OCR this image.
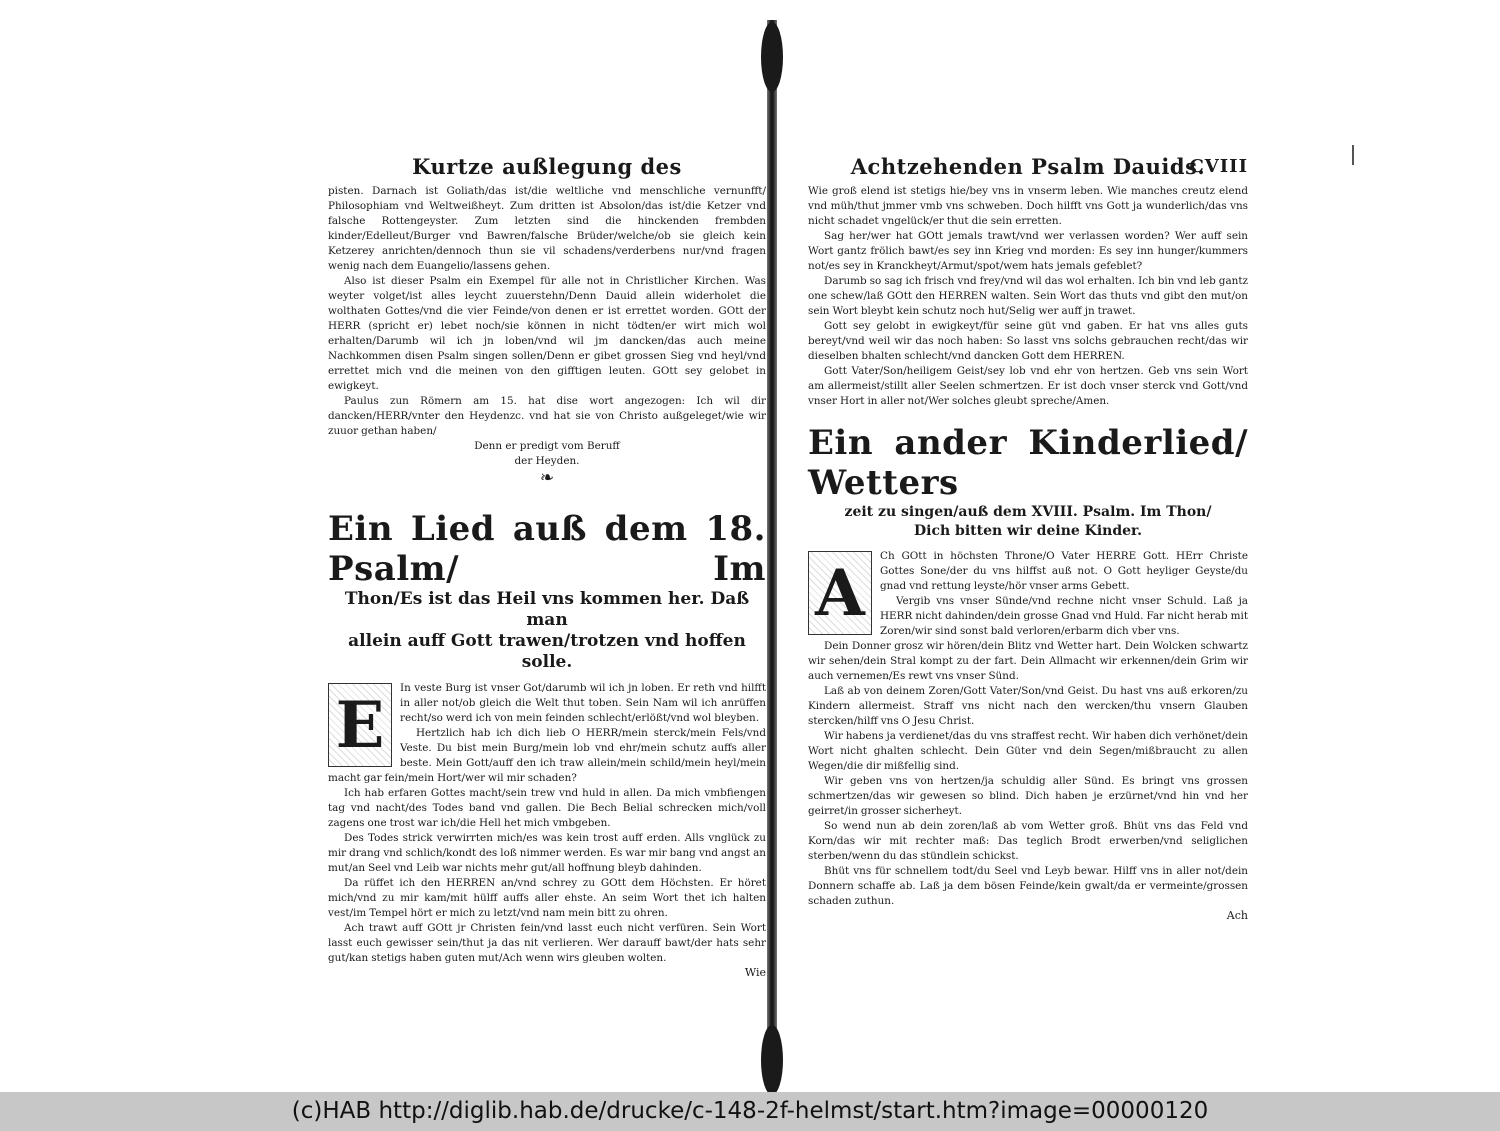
Kurtze außlegung des

pisten. Darnach ist Goliath/das ist/die weltliche vnd menschliche vernunfft/ Philosophiam vnd Weltweißheyt. Zum dritten ist Absolon/das ist/die Ketzer vnd falsche Rottengeyster. Zum letzten sind die hinckenden frembden kinder/Edelleut/Burger vnd Bawren/falsche Brüder/welche/ob sie gleich kein Ketzerey anrichten/dennoch thun sie vil schadens/verderbens nur/vnd fragen wenig nach dem Euangelio/lassens gehen.

Also ist dieser Psalm ein Exempel für alle not in Christlicher Kirchen. Was weyter volget/ist alles leycht zuuerstehn/Denn Dauid allein widerholet die wolthaten Gottes/vnd die vier Feinde/von denen er ist errettet worden. GOtt der HERR (spricht er) lebet noch/sie können in nicht tödten/er wirt mich wol erhalten/Darumb wil ich jn loben/vnd wil jm dancken/das auch meine Nachkommen disen Psalm singen sollen/Denn er gibet grossen Sieg vnd heyl/vnd errettet mich vnd die meinen von den gifftigen leuten. GOtt sey gelobet in ewigkeyt.

Paulus zun Römern am 15. hat dise wort angezogen: Ich wil dir dancken/HERR/vnter den Heydenzc. vnd hat sie von Christo außgeleget/wie wir zuuor gethan haben/

Denn er predigt vom Beruff

der Heyden.

❧

Ein Lied auß dem 18. Psalm/ Im

Thon/Es ist das Heil vns kommen her. Daß man

allein auff Gott trawen/trotzen vnd hoffen solle.

E	In veste Burg ist vnser Got/darumb wil ich jn loben. Er reth vnd hilfft in aller not/ob gleich die Welt thut toben. Sein Nam wil ich anrüffen recht/so werd ich von mein feinden schlecht/erlößt/vnd wol bleyben.

Hertzlich hab ich dich lieb O HERR/mein sterck/mein Fels/vnd Veste. Du bist mein Burg/mein lob vnd ehr/mein schutz auffs aller beste. Mein Gott/auff den ich traw allein/mein schild/mein heyl/mein macht gar fein/mein Hort/wer wil mir schaden?

Ich hab erfaren Gottes macht/sein trew vnd huld in allen. Da mich vmbfiengen tag vnd nacht/des Todes band vnd gallen. Die Bech Belial schrecken mich/voll zagens one trost war ich/die Hell het mich vmbgeben.

Des Todes strick verwirrten mich/es was kein trost auff erden. Alls vnglück zu mir drang vnd schlich/kondt des loß nimmer werden. Es war mir bang vnd angst an mut/an Seel vnd Leib war nichts mehr gut/all hoffnung bleyb dahinden.

Da rüffet ich den HERREN an/vnd schrey zu GOtt dem Höchsten. Er höret mich/vnd zu mir kam/mit hülff auffs aller ehste. An seim Wort thet ich halten vest/im Tempel hört er mich zu letzt/vnd nam mein bitt zu ohren.

Ach trawt auff GOtt jr Christen fein/vnd lasst euch nicht verfüren. Sein Wort lasst euch gewisser sein/thut ja das nit verlieren. Wer darauff bawt/der hats sehr gut/kan stetigs haben guten mut/Ach wenn wirs gleuben wolten.

Wie

Achtzehenden Psalm Dauids.
CVIII

Wie groß elend ist stetigs hie/bey vns in vnserm leben. Wie manches creutz elend vnd müh/thut jmmer vmb vns schweben. Doch hilfft vns Gott ja wunderlich/das vns nicht schadet vngelück/er thut die sein erretten.

Sag her/wer hat GOtt jemals trawt/vnd wer verlassen worden? Wer auff sein Wort gantz frölich bawt/es sey inn Krieg vnd morden: Es sey inn hunger/kummers not/es sey in Kranckheyt/Armut/spot/wem hats jemals gefeblet?

Darumb so sag ich frisch vnd frey/vnd wil das wol erhalten. Ich bin vnd leb gantz one schew/laß GOtt den HERREN walten. Sein Wort das thuts vnd gibt den mut/on sein Wort bleybt kein schutz noch hut/Selig wer auff jn trawet.

Gott sey gelobt in ewigkeyt/für seine güt vnd gaben. Er hat vns alles guts bereyt/vnd weil wir das noch haben: So lasst vns solchs gebrauchen recht/das wir dieselben bhalten schlecht/vnd dancken Gott dem HERREN.

Gott Vater/Son/heiligem Geist/sey lob vnd ehr von hertzen. Geb vns sein Wort am allermeist/stillt aller Seelen schmertzen. Er ist doch vnser sterck vnd Gott/vnd vnser Hort in aller not/Wer solches gleubt spreche/Amen.

Ein ander Kinderlied/ Wetters

zeit zu singen/auß dem XVIII. Psalm. Im Thon/

Dich bitten wir deine Kinder.

A	Ch GOtt in höchsten Throne/O Vater HERRE Gott. HErr Christe Gottes Sone/der du vns hilffst auß not. O Gott heyliger Geyste/du gnad vnd rettung leyste/hör vnser arms Gebett.

Vergib vns vnser Sünde/vnd rechne nicht vnser Schuld. Laß ja HERR nicht dahinden/dein grosse Gnad vnd Huld. Far nicht herab mit Zoren/wir sind sonst bald verloren/erbarm dich vber vns.

Dein Donner grosz wir hören/dein Blitz vnd Wetter hart. Dein Wolcken schwartz wir sehen/dein Stral kompt zu der fart. Dein Allmacht wir erkennen/dein Grim wir auch vernemen/Es rewt vns vnser Sünd.

Laß ab von deinem Zoren/Gott Vater/Son/vnd Geist. Du hast vns auß erkoren/zu Kindern allermeist. Straff vns nicht nach den wercken/thu vnsern Glauben stercken/hilff vns O Jesu Christ.

Wir habens ja verdienet/das du vns straffest recht. Wir haben dich verhönet/dein Wort nicht ghalten schlecht. Dein Güter vnd dein Segen/mißbraucht zu allen Wegen/die dir mißfellig sind.

Wir geben vns von hertzen/ja schuldig aller Sünd. Es bringt vns grossen schmertzen/das wir gewesen so blind. Dich haben je erzürnet/vnd hin vnd her geirret/in grosser sicherheyt.

So wend nun ab dein zoren/laß ab vom Wetter groß. Bhüt vns das Feld vnd Korn/das wir mit rechter maß: Das teglich Brodt erwerben/vnd seliglichen sterben/wenn du das stündlein schickst.

Bhüt vns für schnellem todt/du Seel vnd Leyb bewar. Hilff vns in aller not/dein Donnern schaffe ab. Laß ja dem bösen Feinde/kein gwalt/da er vermeinte/grossen schaden zuthun.

Ach

(c)HAB http://diglib.hab.de/drucke/c-148-2f-helmst/start.htm?image=00000120
